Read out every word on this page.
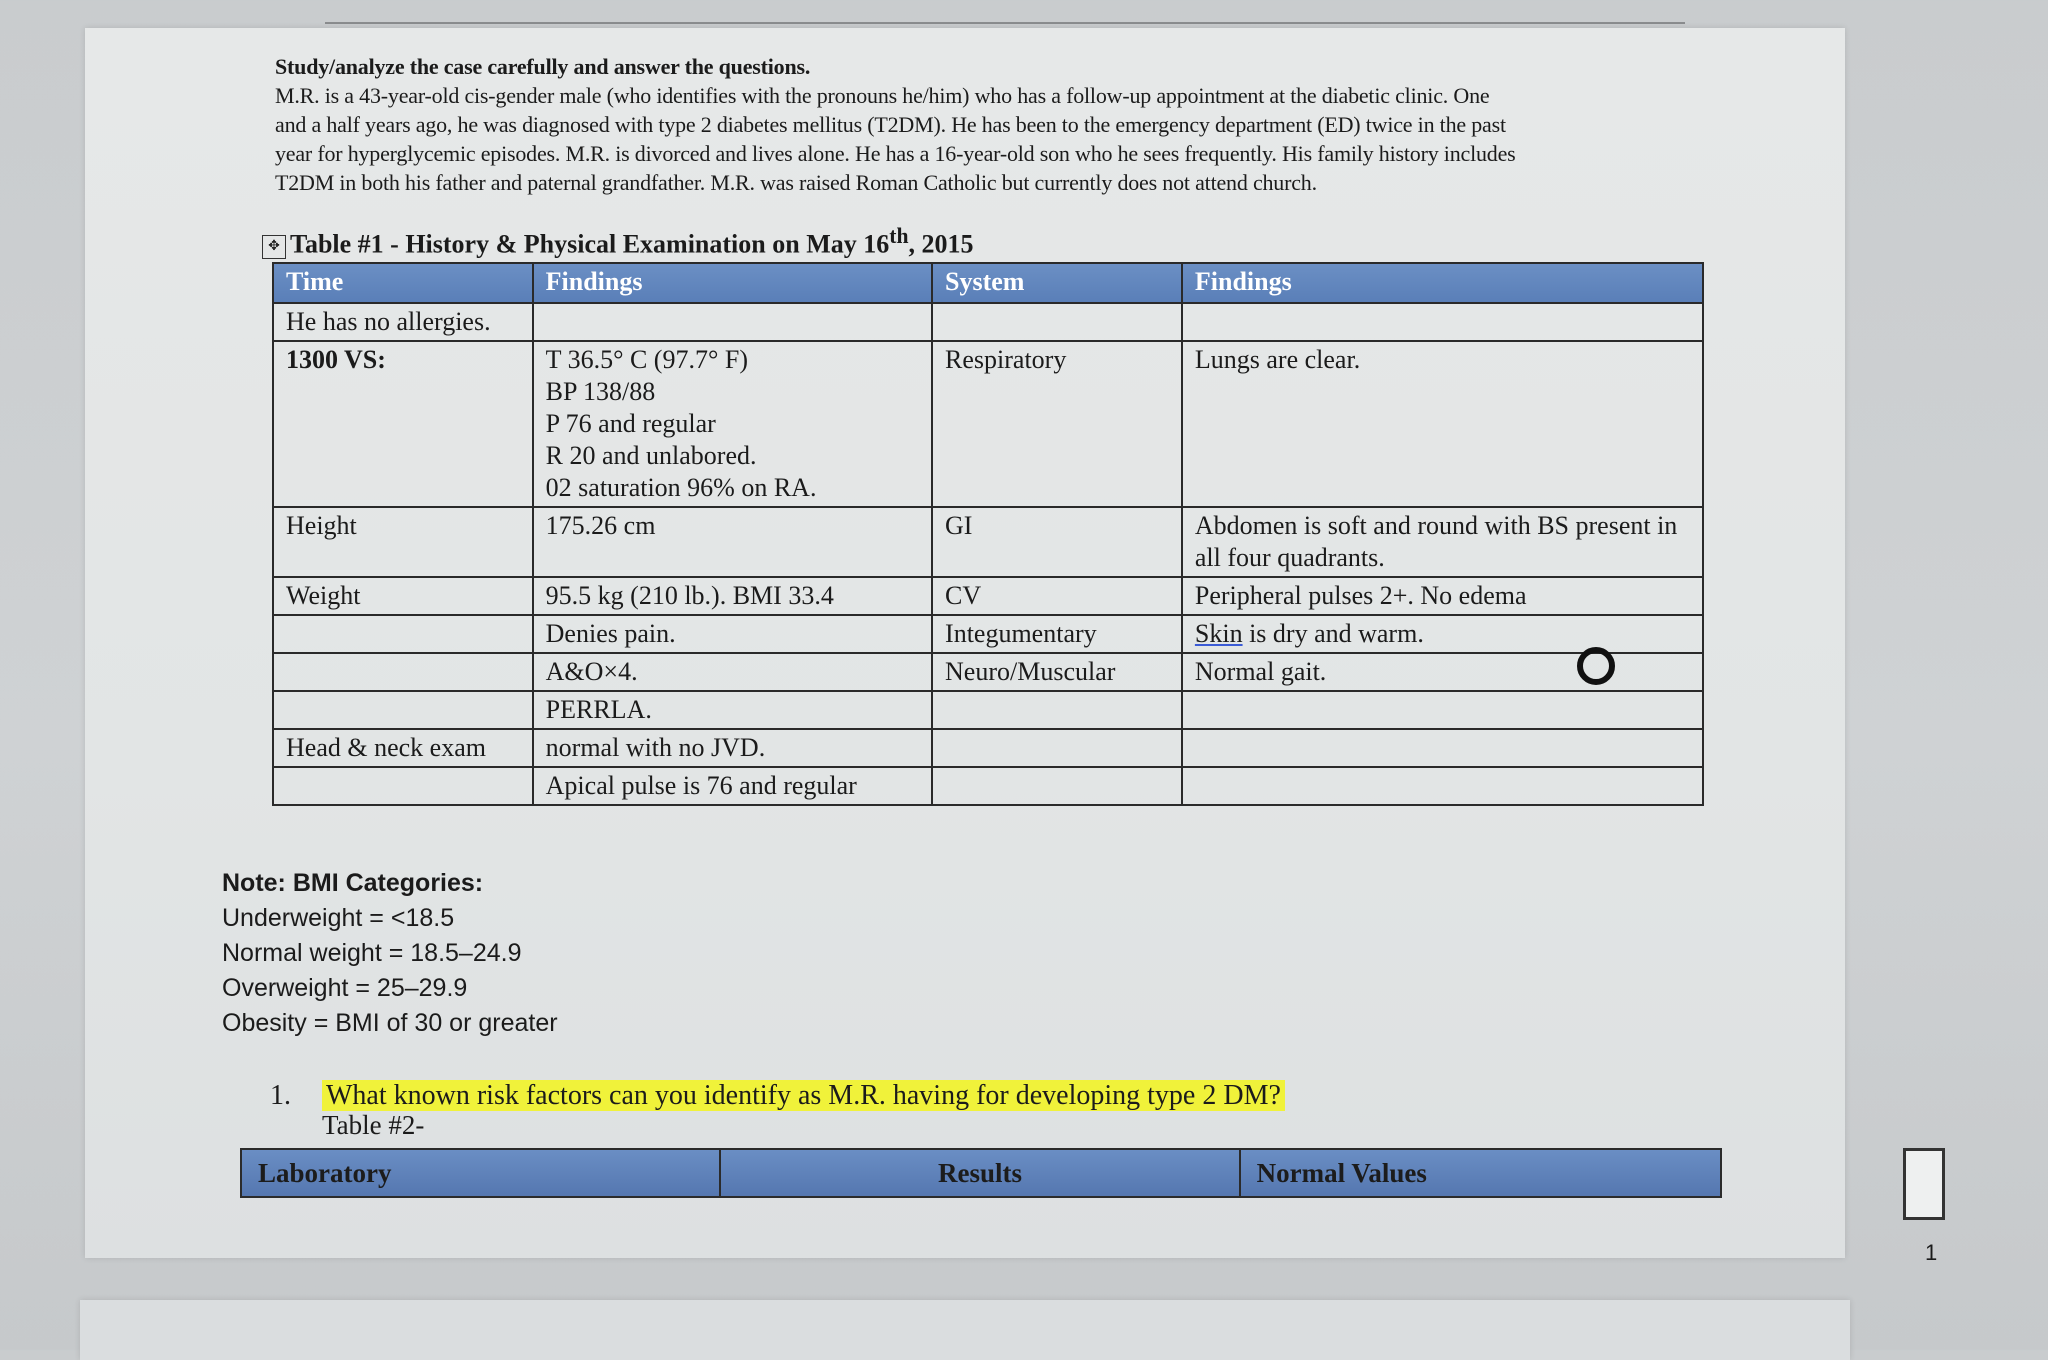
Study/analyze the case carefully and answer the questions.
M.R. is a 43-year-old cis-gender male (who identifies with the pronouns he/him) who has a follow-up appointment at the diabetic clinic. One
and a half years ago, he was diagnosed with type 2 diabetes mellitus (T2DM). He has been to the emergency department (ED) twice in the past
year for hyperglycemic episodes. M.R. is divorced and lives alone. He has a 16-year-old son who he sees frequently. His family history includes
T2DM in both his father and paternal grandfather. M.R. was raised Roman Catholic but currently does not attend church.
✥ Table #1 - History & Physical Examination on May 16th, 2015
Time	Findings	System	Findings
He has no allergies.			
1300 VS:	T 36.5° C (97.7° F)
BP 138/88
P 76 and regular
R 20 and unlabored.
02 saturation 96% on RA.	Respiratory	Lungs are clear.
Height	175.26 cm	GI	Abdomen is soft and round with BS present in all four quadrants.
Weight	95.5 kg (210 lb.). BMI 33.4	CV	Peripheral pulses 2+. No edema
	Denies pain.	Integumentary	Skin is dry and warm.
	A&O×4.	Neuro/Muscular	Normal gait.
	PERRLA.		
Head & neck exam	normal with no JVD.		
	Apical pulse is 76 and regular		
Note: BMI Categories:
Underweight = <18.5
Normal weight = 18.5–24.9
Overweight = 25–29.9
Obesity = BMI of 30 or greater
1. What known risk factors can you identify as M.R. having for developing type 2 DM?
Table #2-
Laboratory	Results	Normal Values
1
